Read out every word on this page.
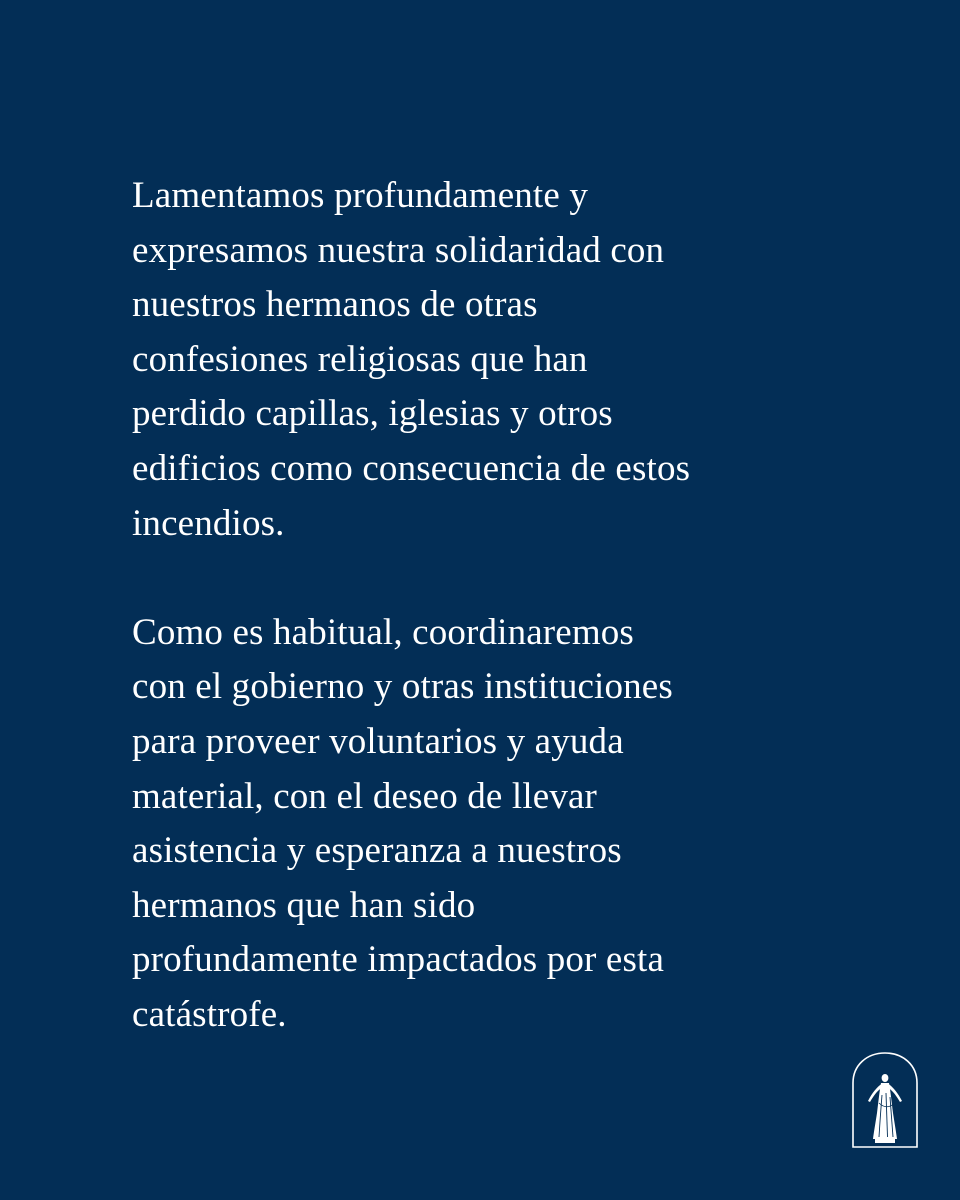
Lamentamos profundamente y
expresamos nuestra solidaridad con
nuestros hermanos de otras
confesiones religiosas que han
perdido capillas, iglesias y otros
edificios como consecuencia de estos
incendios.
Como es habitual, coordinaremos
con el gobierno y otras instituciones
para proveer voluntarios y ayuda
material, con el deseo de llevar
asistencia y esperanza a nuestros
hermanos que han sido
profundamente impactados por esta
catástrofe.
